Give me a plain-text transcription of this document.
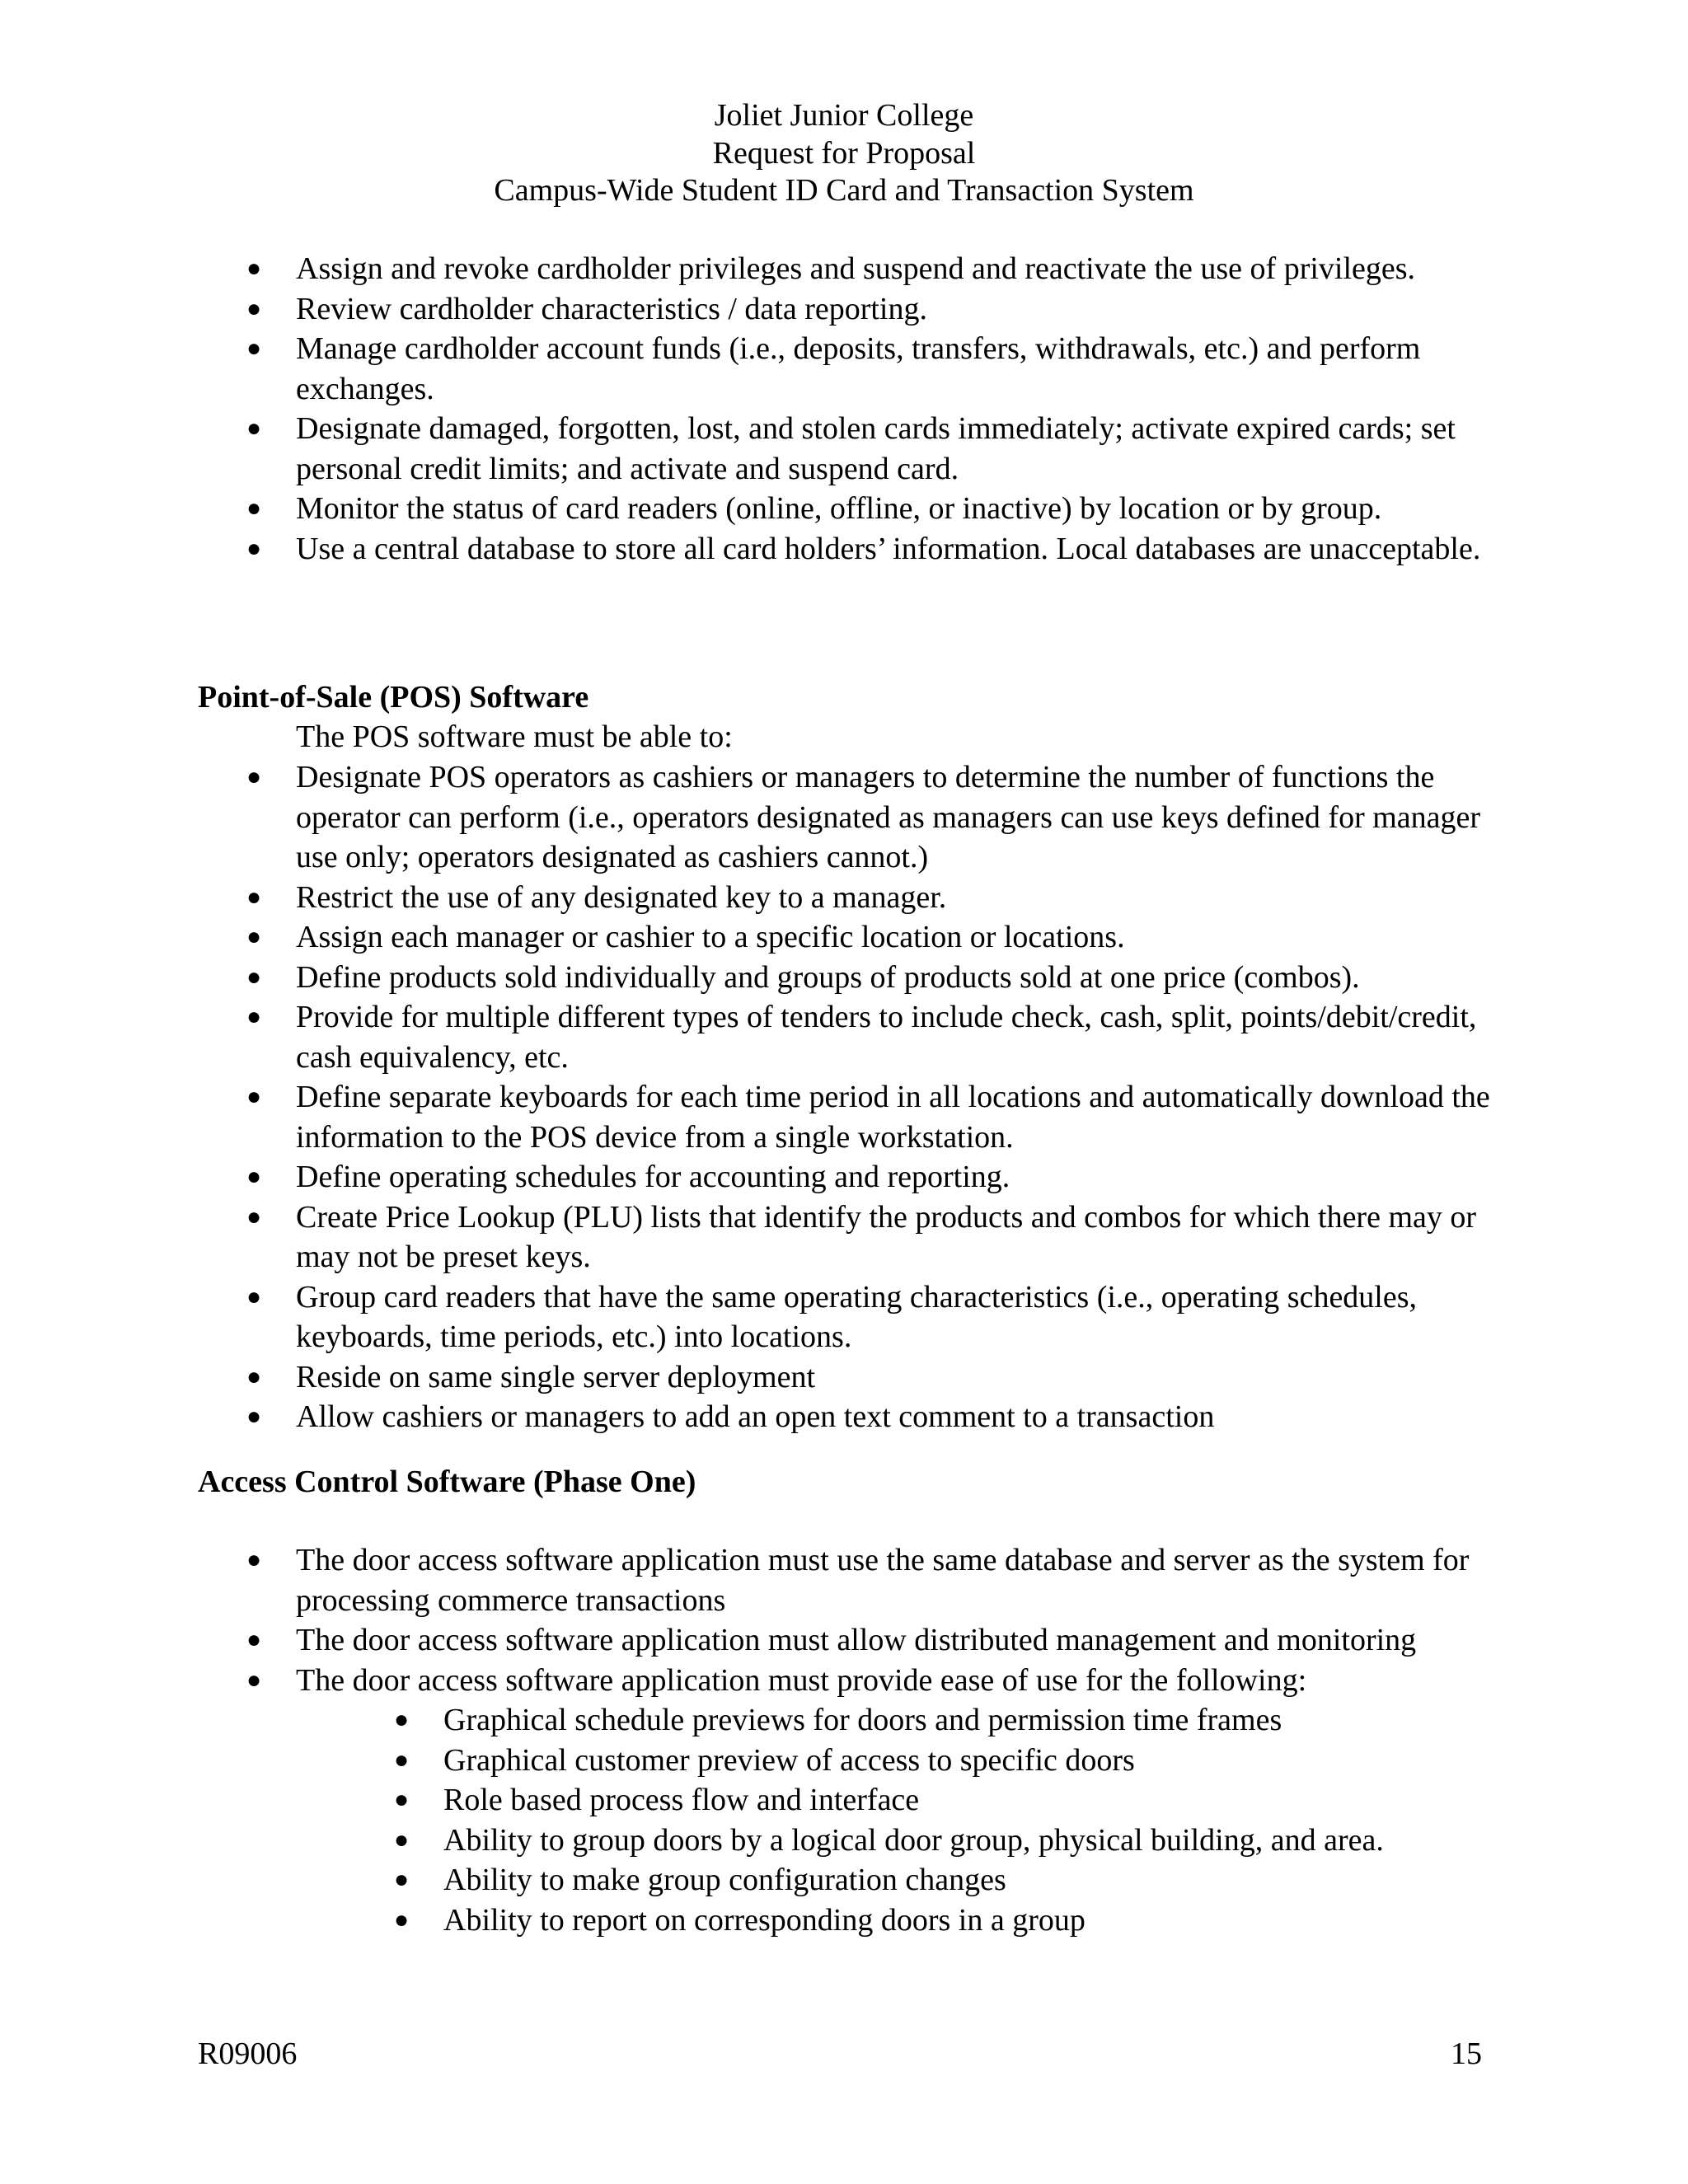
Joliet Junior College
Request for Proposal
Campus-Wide Student ID Card and Transaction System
● Assign and revoke cardholder privileges and suspend and reactivate the use of privileges.
● Review cardholder characteristics / data reporting.
● Manage cardholder account funds (i.e., deposits, transfers, withdrawals, etc.) and perform exchanges.
● Designate damaged, forgotten, lost, and stolen cards immediately; activate expired cards; set personal credit limits; and activate and suspend card.
● Monitor the status of card readers (online, offline, or inactive) by location or by group.
● Use a central database to store all card holders’ information. Local databases are unacceptable.
Point-of-Sale (POS) Software
The POS software must be able to:
● Designate POS operators as cashiers or managers to determine the number of functions the operator can perform (i.e., operators designated as managers can use keys defined for manager use only; operators designated as cashiers cannot.)
● Restrict the use of any designated key to a manager.
● Assign each manager or cashier to a specific location or locations.
● Define products sold individually and groups of products sold at one price (combos).
● Provide for multiple different types of tenders to include check, cash, split, points/debit/credit, cash equivalency, etc.
● Define separate keyboards for each time period in all locations and automatically download the information to the POS device from a single workstation.
● Define operating schedules for accounting and reporting.
● Create Price Lookup (PLU) lists that identify the products and combos for which there may or may not be preset keys.
● Group card readers that have the same operating characteristics (i.e., operating schedules, keyboards, time periods, etc.) into locations.
● Reside on same single server deployment
● Allow cashiers or managers to add an open text comment to a transaction
Access Control Software (Phase One)
● The door access software application must use the same database and server as the system for processing commerce transactions
● The door access software application must allow distributed management and monitoring
● The door access software application must provide ease of use for the following:
● Graphical schedule previews for doors and permission time frames
● Graphical customer preview of access to specific doors
● Role based process flow and interface
● Ability to group doors by a logical door group, physical building, and area.
● Ability to make group configuration changes
● Ability to report on corresponding doors in a group
R09006	15
